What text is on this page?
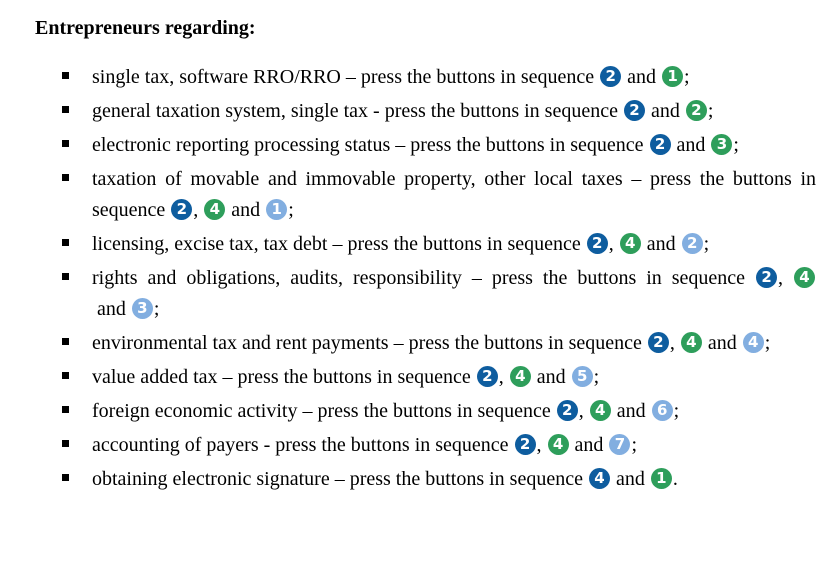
Entrepreneurs regarding:
single tax, software RRO/RRO – press the buttons in sequence 2 and 1 ;
general taxation system, single tax - press the buttons in sequence 2 and 2 ;
electronic reporting processing status – press the buttons in sequence 2 and 3 ;
taxation of movable and immovable property, other local taxes – press the buttons in sequence 2 , 4 and 1 ;
licensing, excise tax, tax debt – press the buttons in sequence 2 , 4 and 2 ;
rights and obligations, audits, responsibility – press the buttons in sequence 2 , 4 and 3 ;
environmental tax and rent payments – press the buttons in sequence 2 , 4 and 4 ;
value added tax – press the buttons in sequence 2 , 4 and 5 ;
foreign economic activity – press the buttons in sequence 2 , 4 and 6 ;
accounting of payers - press the buttons in sequence 2 , 4 and 7 ;
obtaining electronic signature – press the buttons in sequence 4 and 1 .
